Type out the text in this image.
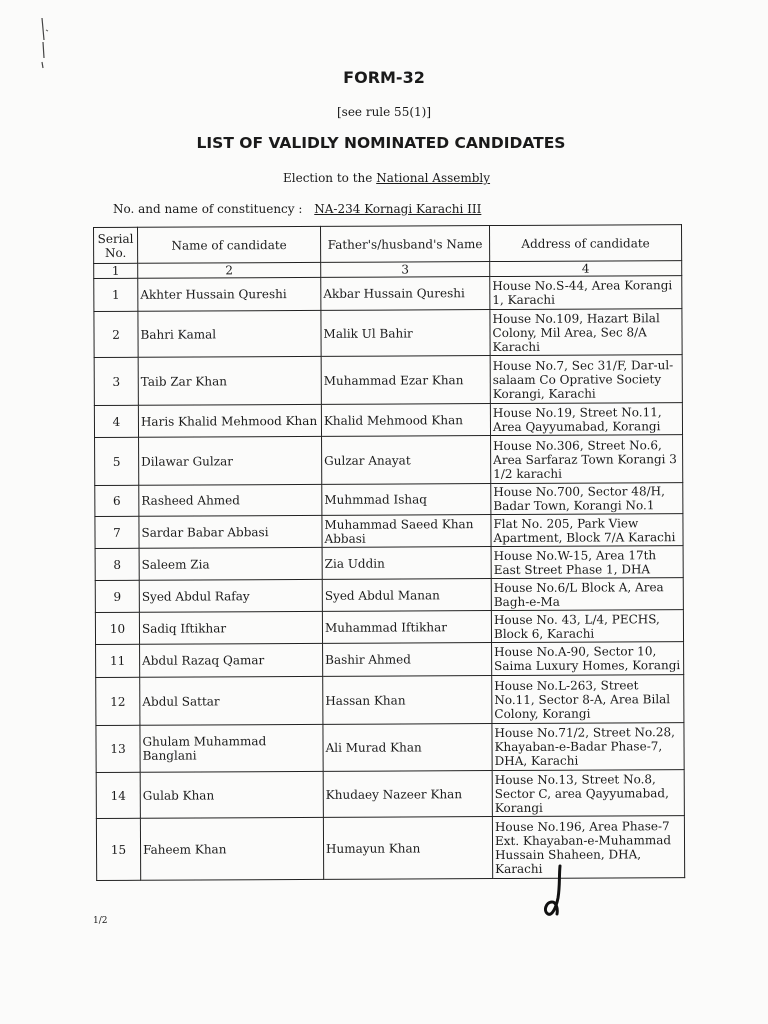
FORM-32
[see rule 55(1)]
LIST OF VALIDLY NOMINATED CANDIDATES
Election to the National Assembly
No. and name of constituency : NA-234 Kornagi Karachi III
Serial No.	Name of candidate	Father's/husband's Name	Address of candidate
1	2	3	4
1	Akhter Hussain Qureshi	Akbar Hussain Qureshi	House No.S-44, Area Korangi 1, Karachi
2	Bahri Kamal	Malik Ul Bahir	House No.109, Hazart Bilal Colony, Mil Area, Sec 8/A Karachi
3	Taib Zar Khan	Muhammad Ezar Khan	House No.7, Sec 31/F, Dar-ul-salaam Co Oprative Society Korangi, Karachi
4	Haris Khalid Mehmood Khan	Khalid Mehmood Khan	House No.19, Street No.11, Area Qayyumabad, Korangi
5	Dilawar Gulzar	Gulzar Anayat	House No.306, Street No.6, Area Sarfaraz Town Korangi 3 1/2 karachi
6	Rasheed Ahmed	Muhmmad Ishaq	House No.700, Sector 48/H, Badar Town, Korangi No.1
7	Sardar Babar Abbasi	Muhammad Saeed Khan Abbasi	Flat No. 205, Park View Apartment, Block 7/A Karachi
8	Saleem Zia	Zia Uddin	House No.W-15, Area 17th East Street Phase 1, DHA
9	Syed Abdul Rafay	Syed Abdul Manan	House No.6/L Block A, Area Bagh-e-Ma
10	Sadiq Iftikhar	Muhammad Iftikhar	House No. 43, L/4, PECHS, Block 6, Karachi
11	Abdul Razaq Qamar	Bashir Ahmed	House No.A-90, Sector 10, Saima Luxury Homes, Korangi
12	Abdul Sattar	Hassan Khan	House No.L-263, Street No.11, Sector 8-A, Area Bilal Colony, Korangi
13	Ghulam Muhammad Banglani	Ali Murad Khan	House No.71/2, Street No.28, Khayaban-e-Badar Phase-7, DHA, Karachi
14	Gulab Khan	Khudaey Nazeer Khan	House No.13, Street No.8, Sector C, area Qayyumabad, Korangi
15	Faheem Khan	Humayun Khan	House No.196, Area Phase-7 Ext. Khayaban-e-Muhammad Hussain Shaheen, DHA, Karachi
1/2
